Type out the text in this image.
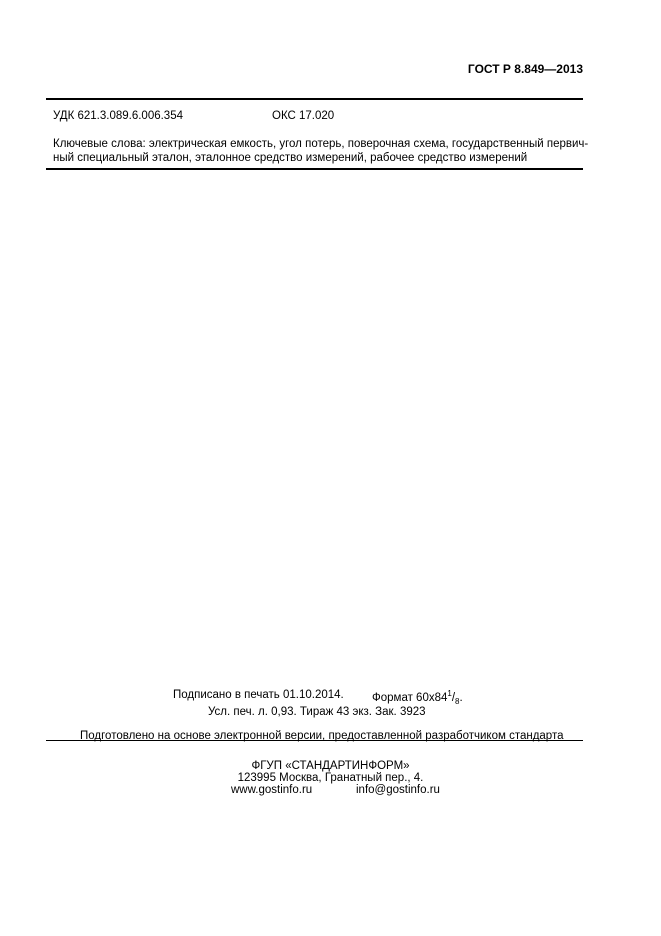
ГОСТ Р 8.849—2013
УДК 621.3.089.6.006.354	ОКС 17.020
Ключевые слова: электрическая емкость, угол потерь, поверочная схема, государственный первич-
ный специальный эталон, эталонное средство измерений, рабочее средство измерений
Подписано в печать 01.10.2014. Формат $60x84^1/_8$.
Усл. печ. л. 0,93. Тираж 43 экз. Зак. 3923
Подготовлено на основе электронной версии, предоставленной разработчиком стандарта
ФГУП «СТАНДАРТИНФОРМ»
123995 Москва, Гранатный пер., 4.
www.gostinfo.ru	info@gostinfo.ru
